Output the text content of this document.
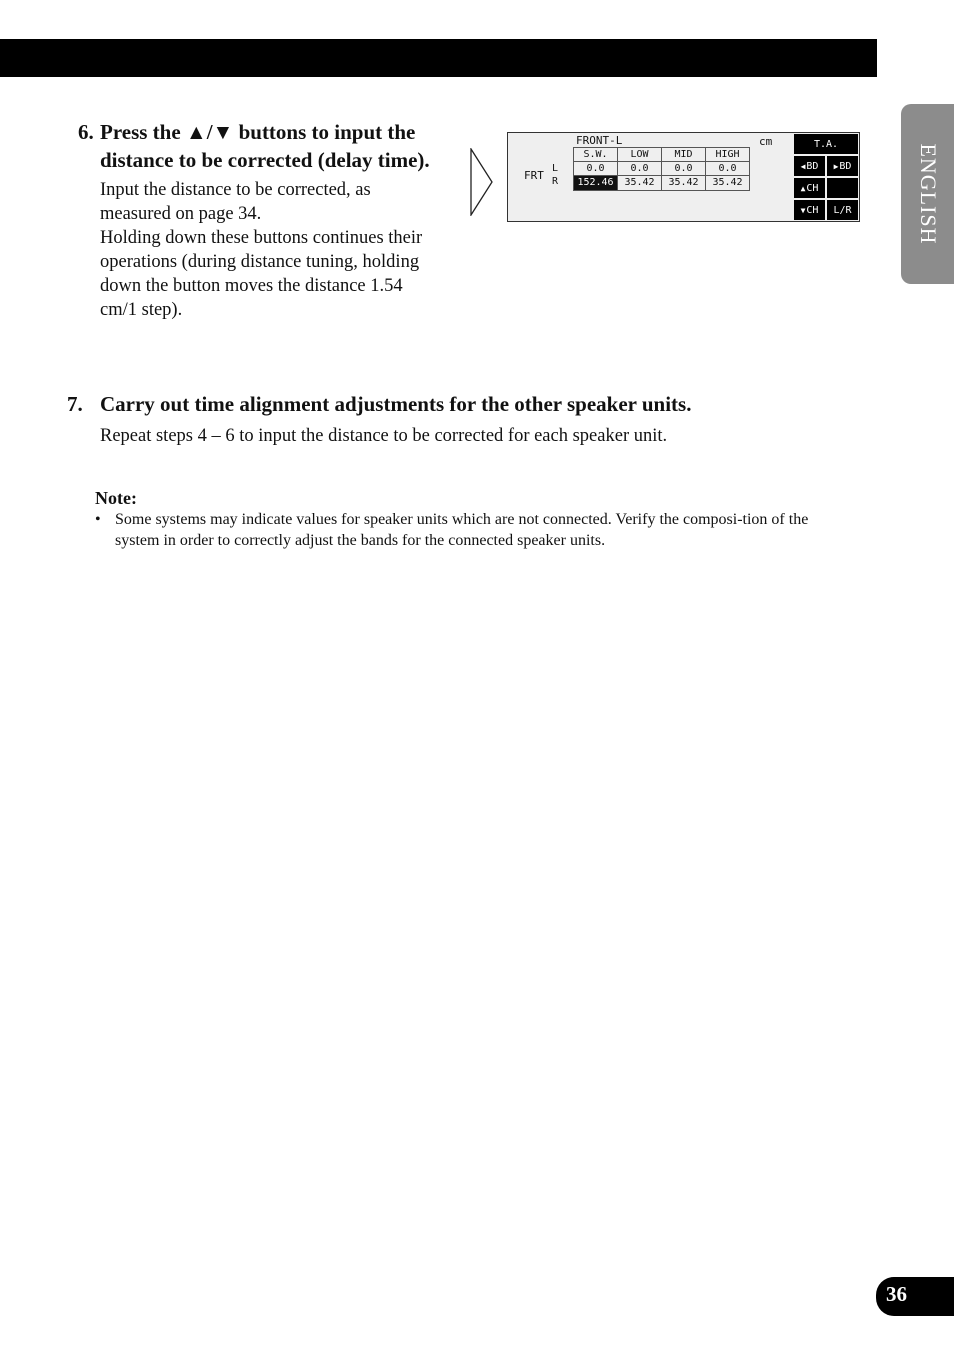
ENGLISH
6. Press the ▲/▼ buttons to input the distance to be corrected (delay time).

Input the distance to be corrected, as measured on page 34.

Holding down these buttons continues their operations (during distance tuning, holding down the button moves the distance 1.54 cm/1 step).

FRONT-L	cm
FRT
L
R
S.W.	LOW	MID	HIGH
0.0	0.0	0.0	0.0
152.46	35.42	35.42	35.42
T.A.
◀ BD ▶ BD
▲ CH
▼ CH L/R
7. Carry out time alignment adjustments for the other speaker units.
Repeat steps 4 – 6 to input the distance to be corrected for each speaker unit.
Note:
• Some systems may indicate values for speaker units which are not connected. Verify the composi-tion of the system in order to correctly adjust the bands for the connected speaker units.
36
